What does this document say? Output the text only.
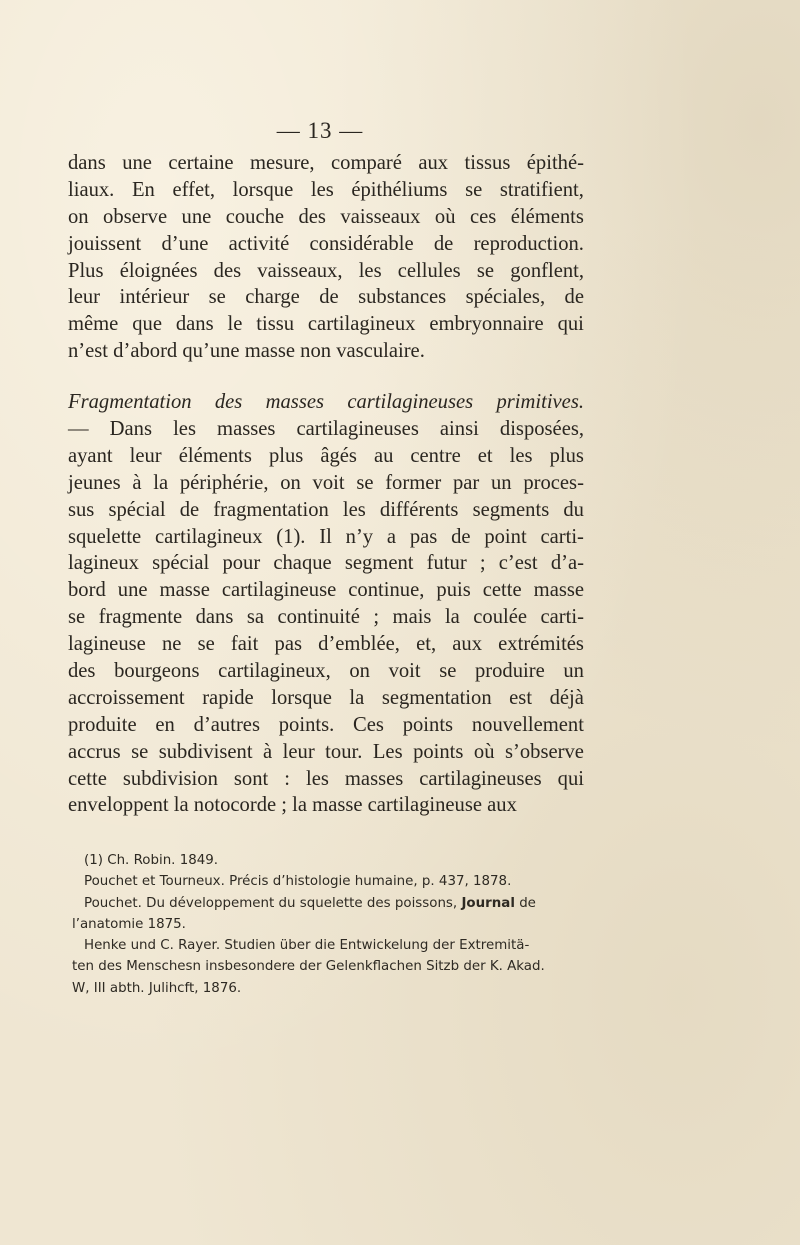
— 13 —
dans une certaine mesure, comparé aux tissus épithé-
liaux. En effet, lorsque les épithéliums se stratifient,
on observe une couche des vaisseaux où ces éléments
jouissent d’une activité considérable de reproduction.
Plus éloignées des vaisseaux, les cellules se gonflent,
leur intérieur se charge de substances spéciales, de
même que dans le tissu cartilagineux embryonnaire qui
n’est d’abord qu’une masse non vasculaire.
Fragmentation des masses cartilagineuses primitives.
— Dans les masses cartilagineuses ainsi disposées,
ayant leur éléments plus âgés au centre et les plus
jeunes à la périphérie, on voit se former par un proces-
sus spécial de fragmentation les différents segments du
squelette cartilagineux (1). Il n’y a pas de point carti-
lagineux spécial pour chaque segment futur ; c’est d’a-
bord une masse cartilagineuse continue, puis cette masse
se fragmente dans sa continuité ; mais la coulée carti-
lagineuse ne se fait pas d’emblée, et, aux extrémités
des bourgeons cartilagineux, on voit se produire un
accroissement rapide lorsque la segmentation est déjà
produite en d’autres points. Ces points nouvellement
accrus se subdivisent à leur tour. Les points où s’observe
cette subdivision sont : les masses cartilagineuses qui
enveloppent la notocorde ; la masse cartilagineuse aux
(1) Ch. Robin. 1849.
Pouchet et Tourneux. Précis d’histologie humaine, p. 437, 1878.
Pouchet. Du développement du squelette des poissons, Journal de
l’anatomie 1875.
Henke und C. Rayer. Studien über die Entwickelung der Extremitä-
ten des Menschesn insbesondere der Gelenkflachen Sitzb der K. Akad.
W, III abth. Julihcft, 1876.
